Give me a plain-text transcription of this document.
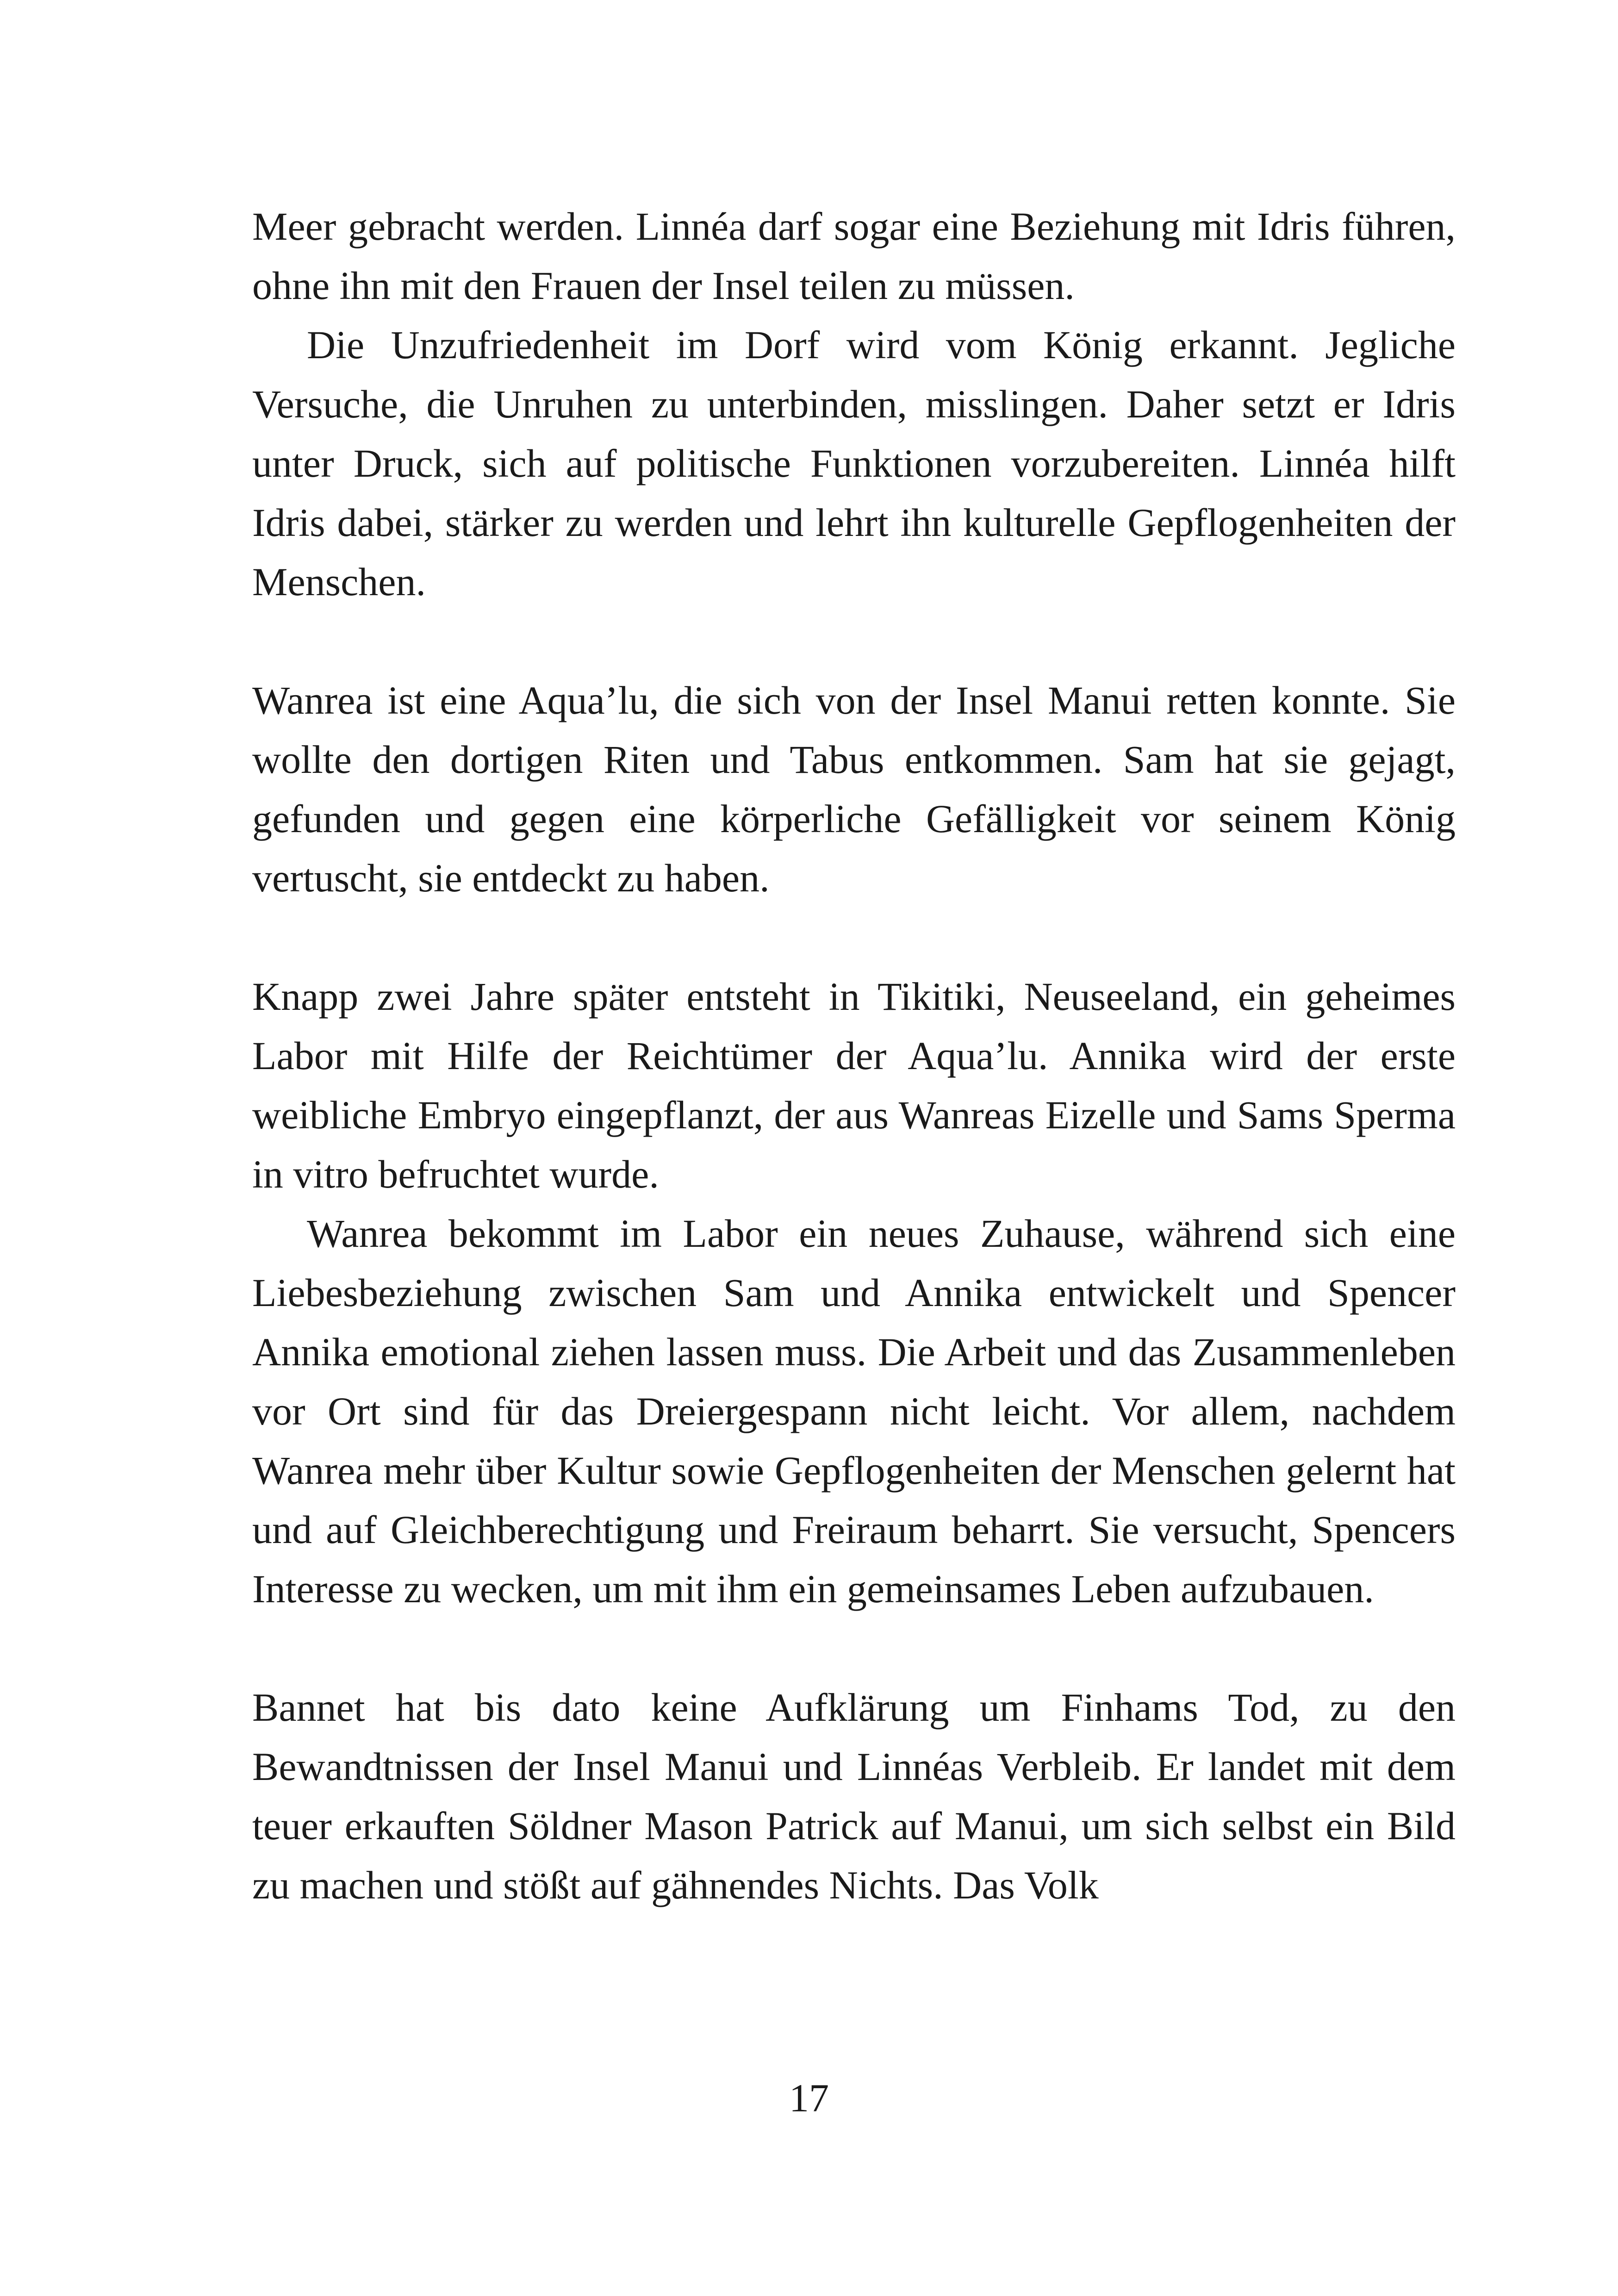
Meer gebracht werden. Linnéa darf sogar eine Beziehung mit Idris führen, ohne ihn mit den Frauen der Insel teilen zu müssen.

Die Unzufriedenheit im Dorf wird vom König erkannt. Jegliche Versuche, die Unruhen zu unterbinden, misslingen. Daher setzt er Idris unter Druck, sich auf politische Funktionen vorzubereiten. Linnéa hilft Idris dabei, stärker zu werden und lehrt ihn kulturelle Gepflogenheiten der Menschen.

Wanrea ist eine Aqua’lu, die sich von der Insel Manui retten konnte. Sie wollte den dortigen Riten und Tabus entkommen. Sam hat sie gejagt, gefunden und gegen eine körperliche Gefälligkeit vor seinem König vertuscht, sie entdeckt zu haben.

Knapp zwei Jahre später entsteht in Tikitiki, Neuseeland, ein geheimes Labor mit Hilfe der Reichtümer der Aqua’lu. Annika wird der erste weibliche Embryo eingepflanzt, der aus Wanreas Eizelle und Sams Sperma in vitro befruchtet wurde.

Wanrea bekommt im Labor ein neues Zuhause, während sich eine Liebesbeziehung zwischen Sam und Annika entwickelt und Spencer Annika emotional ziehen lassen muss. Die Arbeit und das Zusammenleben vor Ort sind für das Dreiergespann nicht leicht. Vor allem, nachdem Wanrea mehr über Kultur sowie Gepflogenheiten der Menschen gelernt hat und auf Gleichberechtigung und Freiraum beharrt. Sie versucht, Spencers Interesse zu wecken, um mit ihm ein gemeinsames Leben aufzubauen.

Bannet hat bis dato keine Aufklärung um Finhams Tod, zu den Bewandtnissen der Insel Manui und Linnéas Verbleib. Er landet mit dem teuer erkauften Söldner Mason Patrick auf Manui, um sich selbst ein Bild zu machen und stößt auf gähnendes Nichts. Das Volk

17
